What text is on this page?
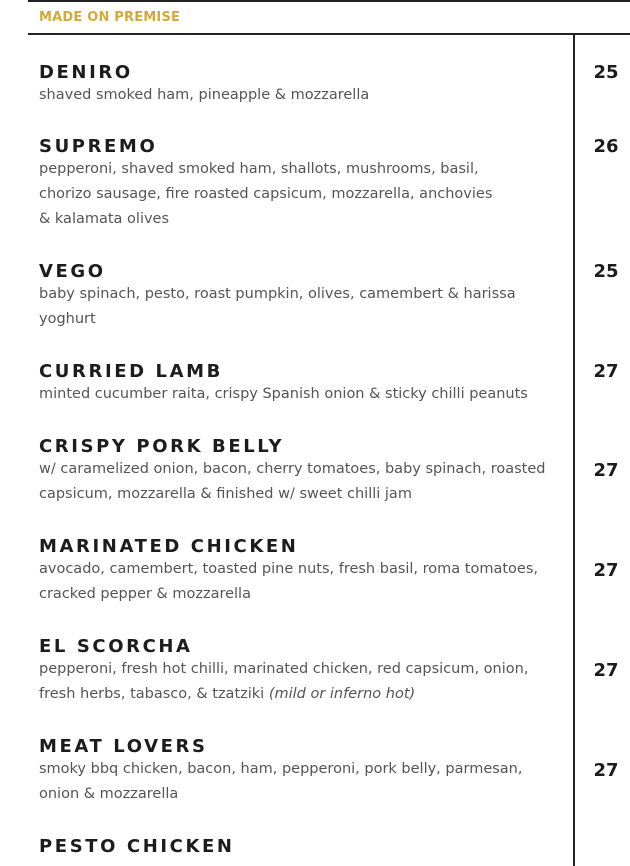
MADE ON PREMISE
DENIRO

shaved smoked ham, pineapple & mozzarella

25
SUPREMO

pepperoni, shaved smoked ham, shallots, mushrooms, basil,
chorizo sausage, fire roasted capsicum, mozzarella, anchovies
& kalamata olives

26
VEGO

baby spinach, pesto, roast pumpkin, olives, camembert & harissa
yoghurt

25
CURRIED LAMB

minted cucumber raita, crispy Spanish onion & sticky chilli peanuts

27
CRISPY PORK BELLY

w/ caramelized onion, bacon, cherry tomatoes, baby spinach, roasted
capsicum, mozzarella & finished w/ sweet chilli jam

27
MARINATED CHICKEN

avocado, camembert, toasted pine nuts, fresh basil, roma tomatoes,
cracked pepper & mozzarella

27
EL SCORCHA

pepperoni, fresh hot chilli, marinated chicken, red capsicum, onion,
fresh herbs, tabasco, & tzatziki (mild or inferno hot)

27
MEAT LOVERS

smoky bbq chicken, bacon, ham, pepperoni, pork belly, parmesan,
onion & mozzarella

27
PESTO CHICKEN
